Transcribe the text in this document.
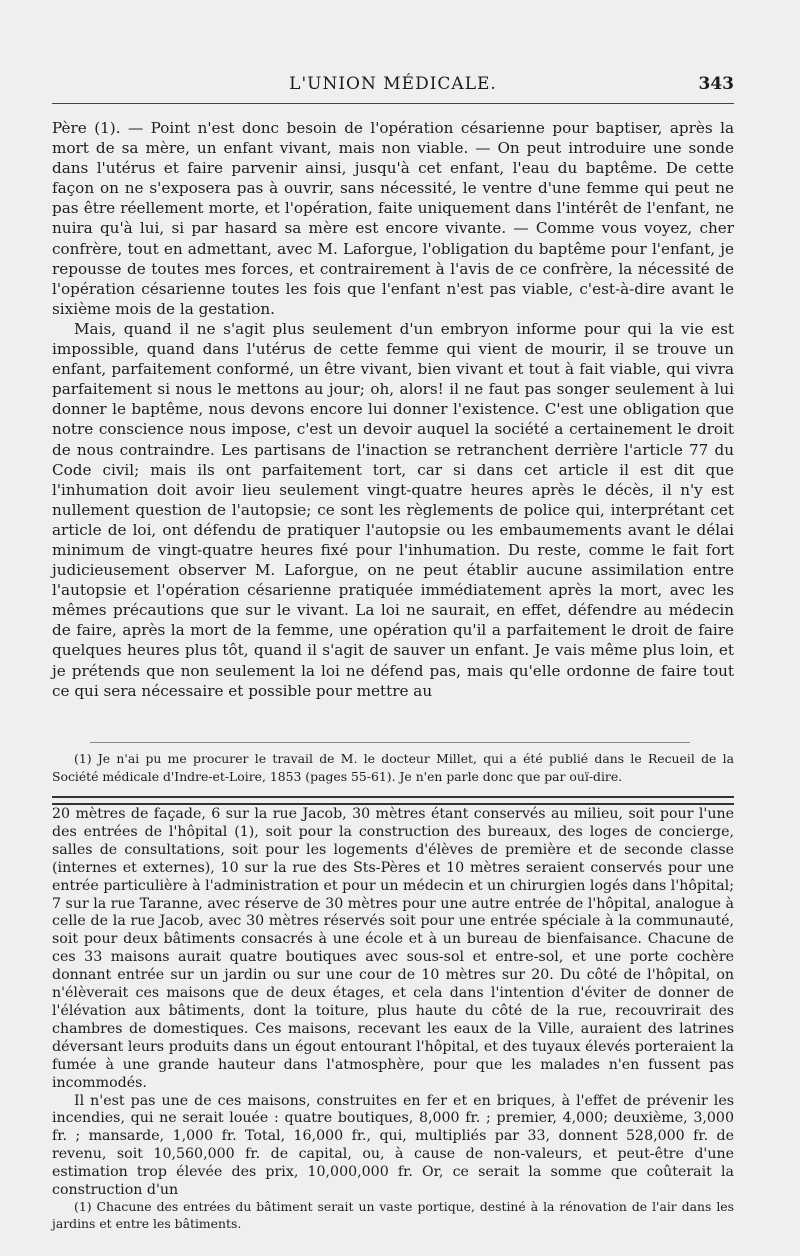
L'UNION MÉDICALE.	343

Père (1). — Point n'est donc besoin de l'opération césarienne pour baptiser, après la mort de sa mère, un enfant vivant, mais non viable. — On peut introduire une sonde dans l'utérus et faire parvenir ainsi, jusqu'à cet enfant, l'eau du baptême. De cette façon on ne s'exposera pas à ouvrir, sans nécessité, le ventre d'une femme qui peut ne pas être réellement morte, et l'opération, faite uniquement dans l'intérêt de l'enfant, ne nuira qu'à lui, si par hasard sa mère est encore vivante. — Comme vous voyez, cher confrère, tout en admettant, avec M. Laforgue, l'obligation du baptême pour l'enfant, je repousse de toutes mes forces, et contrairement à l'avis de ce confrère, la nécessité de l'opération césarienne toutes les fois que l'enfant n'est pas viable, c'est-à-dire avant le sixième mois de la gestation.

Mais, quand il ne s'agit plus seulement d'un embryon informe pour qui la vie est impossible, quand dans l'utérus de cette femme qui vient de mourir, il se trouve un enfant, parfaitement conformé, un être vivant, bien vivant et tout à fait viable, qui vivra parfaitement si nous le mettons au jour; oh, alors! il ne faut pas songer seulement à lui donner le baptême, nous devons encore lui donner l'existence. C'est une obligation que notre conscience nous impose, c'est un devoir auquel la société a certainement le droit de nous contraindre. Les partisans de l'inaction se retranchent derrière l'article 77 du Code civil; mais ils ont parfaitement tort, car si dans cet article il est dit que l'inhumation doit avoir lieu seulement vingt-quatre heures après le décès, il n'y est nullement question de l'autopsie; ce sont les règlements de police qui, interprétant cet article de loi, ont défendu de pratiquer l'autopsie ou les embaumements avant le délai minimum de vingt-quatre heures fixé pour l'inhumation. Du reste, comme le fait fort judicieusement observer M. Laforgue, on ne peut établir aucune assimilation entre l'autopsie et l'opération césarienne pratiquée immédiatement après la mort, avec les mêmes précautions que sur le vivant. La loi ne saurait, en effet, défendre au médecin de faire, après la mort de la femme, une opération qu'il a parfaitement le droit de faire quelques heures plus tôt, quand il s'agit de sauver un enfant. Je vais même plus loin, et je prétends que non seulement la loi ne défend pas, mais qu'elle ordonne de faire tout ce qui sera nécessaire et possible pour mettre au

(1) Je n'ai pu me procurer le travail de M. le docteur Millet, qui a été publié dans le Recueil de la Société médicale d'Indre-et-Loire, 1853 (pages 55-61). Je n'en parle donc que par ouï-dire.

20 mètres de façade, 6 sur la rue Jacob, 30 mètres étant conservés au milieu, soit pour l'une des entrées de l'hôpital (1), soit pour la construction des bureaux, des loges de concierge, salles de consultations, soit pour les logements d'élèves de première et de seconde classe (internes et externes), 10 sur la rue des Sts-Pères et 10 mètres seraient conservés pour une entrée particulière à l'administration et pour un médecin et un chirurgien logés dans l'hôpital; 7 sur la rue Taranne, avec réserve de 30 mètres pour une autre entrée de l'hôpital, analogue à celle de la rue Jacob, avec 30 mètres réservés soit pour une entrée spéciale à la communauté, soit pour deux bâtiments consacrés à une école et à un bureau de bienfaisance. Chacune de ces 33 maisons aurait quatre boutiques avec sous-sol et entre-sol, et une porte cochère donnant entrée sur un jardin ou sur une cour de 10 mètres sur 20. Du côté de l'hôpital, on n'élèverait ces maisons que de deux étages, et cela dans l'intention d'éviter de donner de l'élévation aux bâtiments, dont la toiture, plus haute du côté de la rue, recouvrirait des chambres de domestiques. Ces maisons, recevant les eaux de la Ville, auraient des latrines déversant leurs produits dans un égout entourant l'hôpital, et des tuyaux élevés porteraient la fumée à une grande hauteur dans l'atmosphère, pour que les malades n'en fussent pas incommodés.

Il n'est pas une de ces maisons, construites en fer et en briques, à l'effet de prévenir les incendies, qui ne serait louée : quatre boutiques, 8,000 fr. ; premier, 4,000; deuxième, 3,000 fr. ; mansarde, 1,000 fr. Total, 16,000 fr., qui, multipliés par 33, donnent 528,000 fr. de revenu, soit 10,560,000 fr. de capital, ou, à cause de non-valeurs, et peut-être d'une estimation trop élevée des prix, 10,000,000 fr. Or, ce serait la somme que coûterait la construction d'un

(1) Chacune des entrées du bâtiment serait un vaste portique, destiné à la rénovation de l'air dans les jardins et entre les bâtiments.
